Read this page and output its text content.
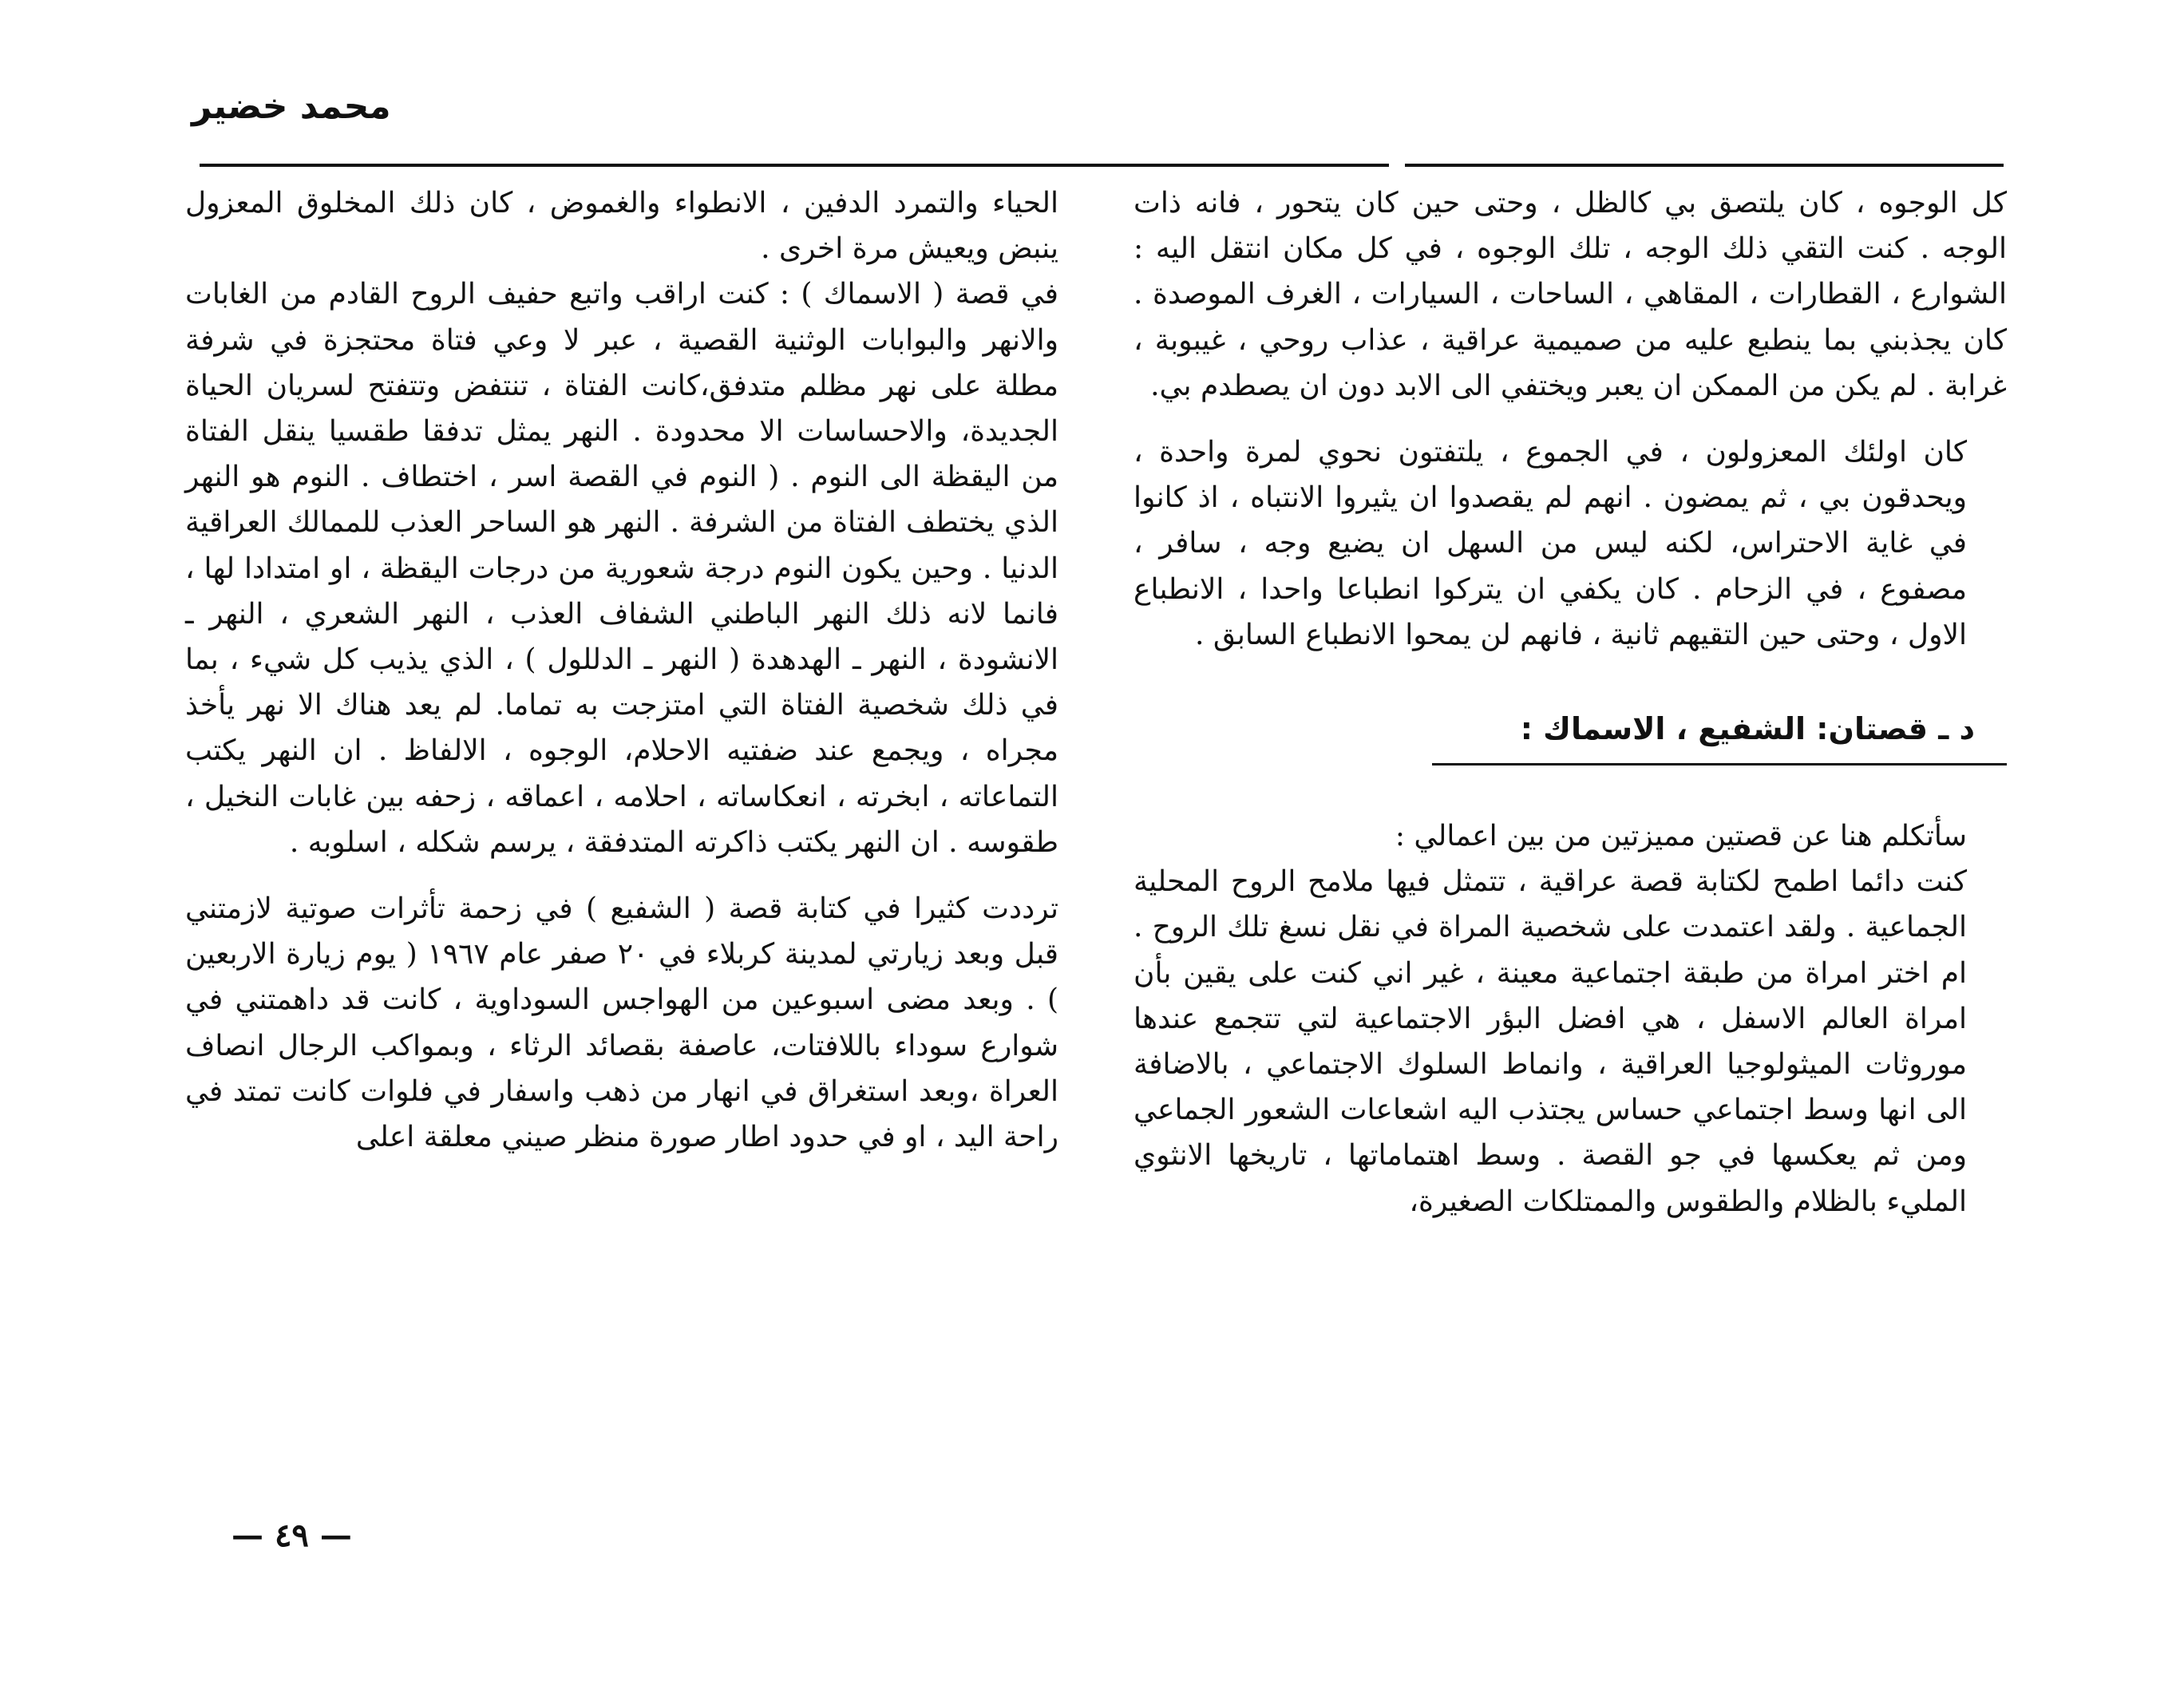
محمد خضير

كل الوجوه ، كان يلتصق بي كالظل ، وحتى حين كان يتحور ، فانه ذات الوجه . كنت التقي ذلك الوجه ، تلك الوجوه ، في كل مكان انتقل اليه : الشوارع ، القطارات ، المقاهي ، الساحات ، السيارات ، الغرف الموصدة . كان يجذبني بما ينطبع عليه من صميمية عراقية ، عذاب روحي ، غيبوبة ، غرابة . لم يكن من الممكن ان يعبر ويختفي الى الابد دون ان يصطدم بي.

كان اولئك المعزولون ، في الجموع ، يلتفتون نحوي لمرة واحدة ، ويحدقون بي ، ثم يمضون . انهم لم يقصدوا ان يثيروا الانتباه ، اذ كانوا في غاية الاحتراس، لكنه ليس من السهل ان يضيع وجه ، سافر ، مصفوع ، في الزحام . كان يكفي ان يتركوا انطباعا واحدا ، الانطباع الاول ، وحتى حين التقيهم ثانية ، فانهم لن يمحوا الانطباع السابق .

د ـ قصتان: الشفيع ، الاسماك :

سأتكلم هنا عن قصتين مميزتين من بين اعمالي :

كنت دائما اطمح لكتابة قصة عراقية ، تتمثل فيها ملامح الروح المحلية الجماعية . ولقد اعتمدت على شخصية المراة في نقل نسغ تلك الروح . ام اختر امراة من طبقة اجتماعية معينة ، غير اني كنت على يقين بأن امراة العالم الاسفل ، هي افضل البؤر الاجتماعية لتي تتجمع عندها موروثات الميثولوجيا العراقية ، وانماط السلوك الاجتماعي ، بالاضافة الى انها وسط اجتماعي حساس يجتذب اليه اشعاعات الشعور الجماعي ومن ثم يعكسها في جو القصة . وسط اهتماماتها ، تاريخها الانثوي المليء بالظلام والطقوس والممتلكات الصغيرة،

الحياء والتمرد الدفين ، الانطواء والغموض ، كان ذلك المخلوق المعزول ينبض ويعيش مرة اخرى .

في قصة ( الاسماك ) : كنت اراقب واتبع حفيف الروح القادم من الغابات والانهر والبوابات الوثنية القصية ، عبر لا وعي فتاة محتجزة في شرفة مطلة على نهر مظلم متدفق،كانت الفتاة ، تنتفض وتتفتح لسريان الحياة الجديدة، والاحساسات الا محدودة . النهر يمثل تدفقا طقسيا ينقل الفتاة من اليقظة الى النوم . ( النوم في القصة اسر ، اختطاف . النوم هو النهر الذي يختطف الفتاة من الشرفة . النهر هو الساحر العذب للممالك العراقية الدنيا . وحين يكون النوم درجة شعورية من درجات اليقظة ، او امتدادا لها ، فانما لانه ذلك النهر الباطني الشفاف العذب ، النهر الشعري ، النهر ـ الانشودة ، النهر ـ الهدهدة ( النهر ـ الدللول ) ، الذي يذيب كل شيء ، بما في ذلك شخصية الفتاة التي امتزجت به تماما. لم يعد هناك الا نهر يأخذ مجراه ، ويجمع عند ضفتيه الاحلام، الوجوه ، الالفاظ . ان النهر يكتب التماعاته ، ابخرته ، انعكاساته ، احلامه ، اعماقه ، زحفه بين غابات النخيل ، طقوسه . ان النهر يكتب ذاكرته المتدفقة ، يرسم شكله ، اسلوبه .

ترددت كثيرا في كتابة قصة ( الشفيع ) في زحمة تأثرات صوتية لازمتني قبل وبعد زيارتي لمدينة كربلاء في ٢٠ صفر عام ١٩٦٧ ( يوم زيارة الاربعين ) . وبعد مضى اسبوعين من الهواجس السوداوية ، كانت قد داهمتني في شوارع سوداء باللافتات، عاصفة بقصائد الرثاء ، وبمواكب الرجال انصاف العراة ،وبعد استغراق في انهار من ذهب واسفار في فلوات كانت تمتد في راحة اليد ، او في حدود اطار صورة منظر صيني معلقة اعلى

— ٤٩ —
